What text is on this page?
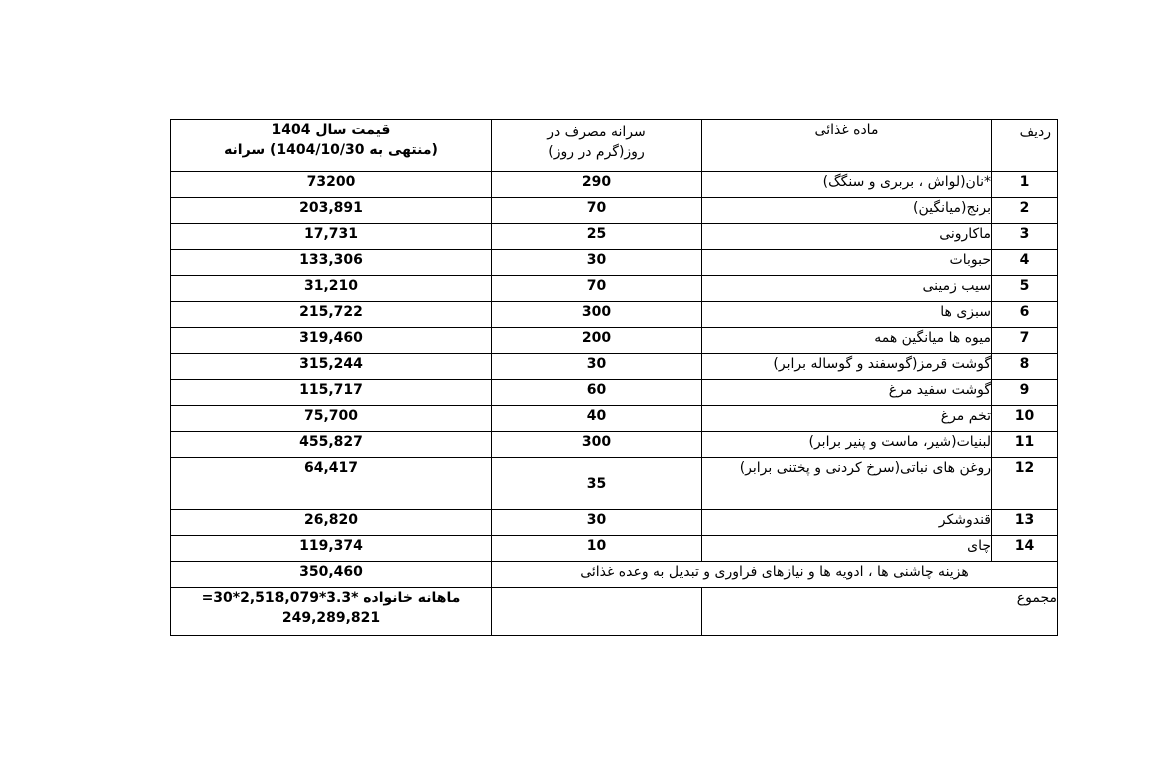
ردیف	ماده غذائی	سرانه مصرف در روز(گرم در روز)	قیمت سال 1404
(منتهی به 1404/10/30) سرانه

1	*نان(لواش ، بربری و سنگگ)	290	73200
2	برنج(میانگین)	70	203,891
3	ماکارونی	25	17,731
4	حبوبات	30	133,306
5	سیب زمینی	70	31,210
6	سبزی ها	300	215,722
7	میوه ها میانگین همه	200	319,460
8	گوشت قرمز(گوسفند و گوساله برابر)	30	315,244
9	گوشت سفید مرغ	60	115,717
10	تخم مرغ	40	75,700
11	لبنیات(شیر، ماست و پنیر برابر)	300	455,827
12	روغن های نباتی(سرخ کردنی و پختنی برابر)	35	64,417
13	قندوشکر	30	26,820
14	چای	10	119,374
هزینه چاشنی ها ، ادویه ها و نیازهای فراوری و تبدیل به وعده غذائی			350,460
مجموع			ماهانه خانواده *3.3*2,518,079*30=
249,289,821
